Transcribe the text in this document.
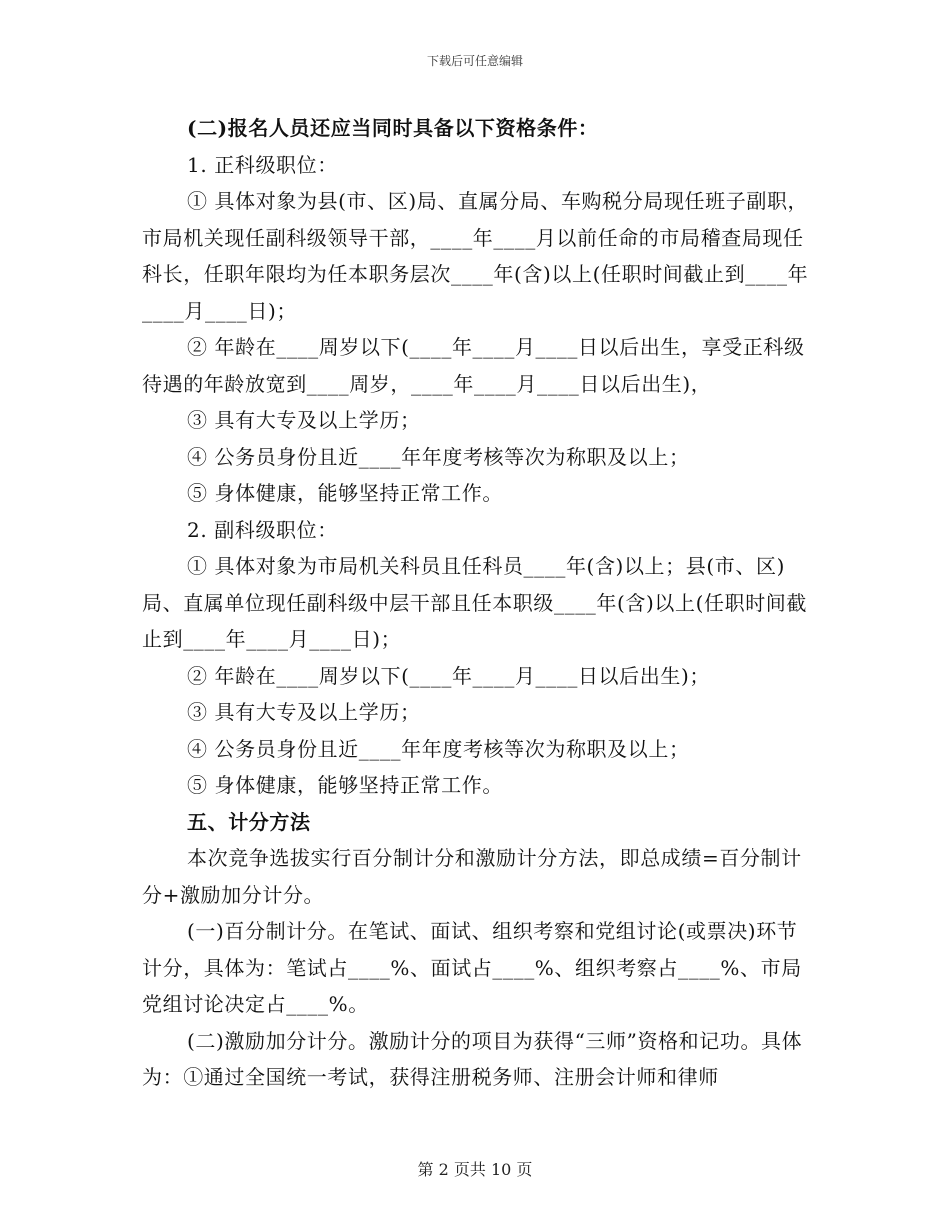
下载后可任意编辑

(二)报名人员还应当同时具备以下资格条件：

1. 正科级职位：

① 具体对象为县(市、区)局、直属分局、车购税分局现任班子副职，市局机关现任副科级领导干部，____年____月以前任命的市局稽查局现任科长，任职年限均为任本职务层次____年(含)以上(任职时间截止到____年____月____日)；

② 年龄在____周岁以下(____年____月____日以后出生，享受正科级待遇的年龄放宽到____周岁，____年____月____日以后出生)，

③ 具有大专及以上学历；

④ 公务员身份且近____年年度考核等次为称职及以上；

⑤ 身体健康，能够坚持正常工作。

2. 副科级职位：

① 具体对象为市局机关科员且任科员____年(含)以上；县(市、区)局、直属单位现任副科级中层干部且任本职级____年(含)以上(任职时间截止到____年____月____日)；

② 年龄在____周岁以下(____年____月____日以后出生)；

③ 具有大专及以上学历；

④ 公务员身份且近____年年度考核等次为称职及以上；

⑤ 身体健康，能够坚持正常工作。

五、计分方法

本次竞争选拔实行百分制计分和激励计分方法，即总成绩=百分制计分+激励加分计分。

(一)百分制计分。在笔试、面试、组织考察和党组讨论(或票决)环节计分，具体为：笔试占____%、面试占____%、组织考察占____%、市局党组讨论决定占____%。

(二)激励加分计分。激励计分的项目为获得“三师”资格和记功。具体为：①通过全国统一考试，获得注册税务师、注册会计师和律师

第 2 页共 10 页
